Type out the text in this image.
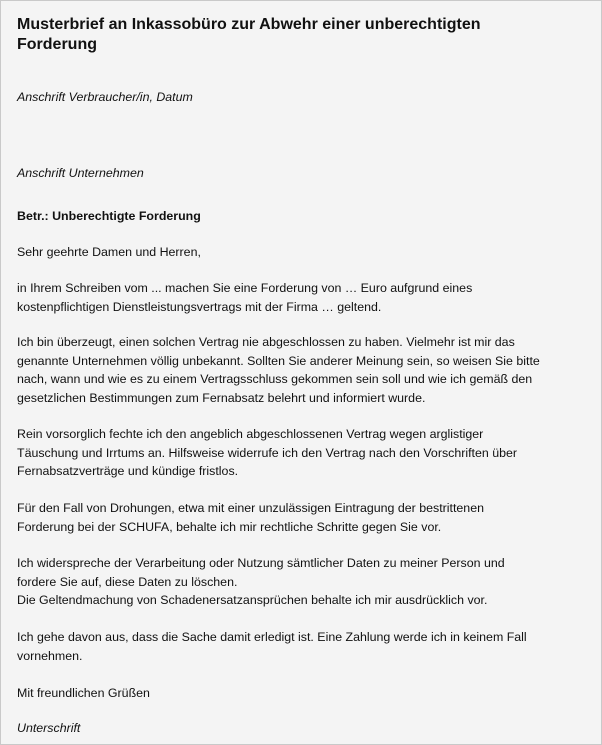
Musterbrief an Inkassobüro zur Abwehr einer unberechtigten
Forderung

Anschrift Verbraucher/in, Datum

Anschrift Unternehmen

Betr.: Unberechtigte Forderung

Sehr geehrte Damen und Herren,

in Ihrem Schreiben vom ... machen Sie eine Forderung von … Euro aufgrund eines
kostenpflichtigen Dienstleistungsvertrags mit der Firma … geltend.
Ich bin überzeugt, einen solchen Vertrag nie abgeschlossen zu haben. Vielmehr ist mir das
genannte Unternehmen völlig unbekannt. Sollten Sie anderer Meinung sein, so weisen Sie bitte
nach, wann und wie es zu einem Vertragsschluss gekommen sein soll und wie ich gemäß den
gesetzlichen Bestimmungen zum Fernabsatz belehrt und informiert wurde.
Rein vorsorglich fechte ich den angeblich abgeschlossenen Vertrag wegen arglistiger
Täuschung und Irrtums an. Hilfsweise widerrufe ich den Vertrag nach den Vorschriften über
Fernabsatzverträge und kündige fristlos.
Für den Fall von Drohungen, etwa mit einer unzulässigen Eintragung der bestrittenen
Forderung bei der SCHUFA, behalte ich mir rechtliche Schritte gegen Sie vor.
Ich widerspreche der Verarbeitung oder Nutzung sämtlicher Daten zu meiner Person und
fordere Sie auf, diese Daten zu löschen.
Die Geltendmachung von Schadenersatzansprüchen behalte ich mir ausdrücklich vor.
Ich gehe davon aus, dass die Sache damit erledigt ist. Eine Zahlung werde ich in keinem Fall
vornehmen.

Mit freundlichen Grüßen

Unterschrift
